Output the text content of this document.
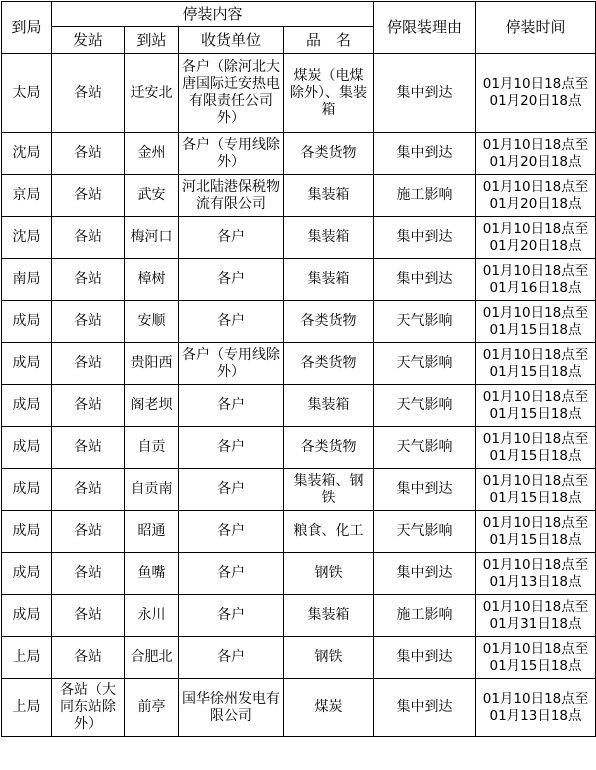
到局	停装内容				停限装理由	停装时间
	发站	到站	收货单位	品　名		
太局	各站	迁安北	各户（除河北大唐国际迁安热电有限责任公司外）	煤炭（电煤除外）、集装箱	集中到达	01月10日18点至
01月20日18点

沈局	各站	金州	各户（专用线除外）	各类货物	集中到达	01月10日18点至
01月20日18点

京局	各站	武安	河北陆港保税物流有限公司	集装箱	施工影响	01月10日18点至
01月20日18点

沈局	各站	梅河口	各户	集装箱	集中到达	01月10日18点至
01月20日18点

南局	各站	樟树	各户	集装箱	集中到达	01月10日18点至
01月16日18点

成局	各站	安顺	各户	各类货物	天气影响	01月10日18点至
01月15日18点

成局	各站	贵阳西	各户（专用线除外）	各类货物	天气影响	01月10日18点至
01月15日18点

成局	各站	阁老坝	各户	集装箱	天气影响	01月10日18点至
01月15日18点

成局	各站	自贡	各户	各类货物	天气影响	01月10日18点至
01月15日18点

成局	各站	自贡南	各户	集装箱、钢铁	集中到达	01月10日18点至
01月15日18点

成局	各站	昭通	各户	粮食、化工	天气影响	01月10日18点至
01月15日18点

成局	各站	鱼嘴	各户	钢铁	集中到达	01月10日18点至
01月13日18点

成局	各站	永川	各户	集装箱	施工影响	01月10日18点至
01月31日18点

上局	各站	合肥北	各户	钢铁	集中到达	01月10日18点至
01月15日18点

上局	各站（大同东站除外）	前亭	国华徐州发电有限公司	煤炭	集中到达	01月10日18点至
01月13日18点
